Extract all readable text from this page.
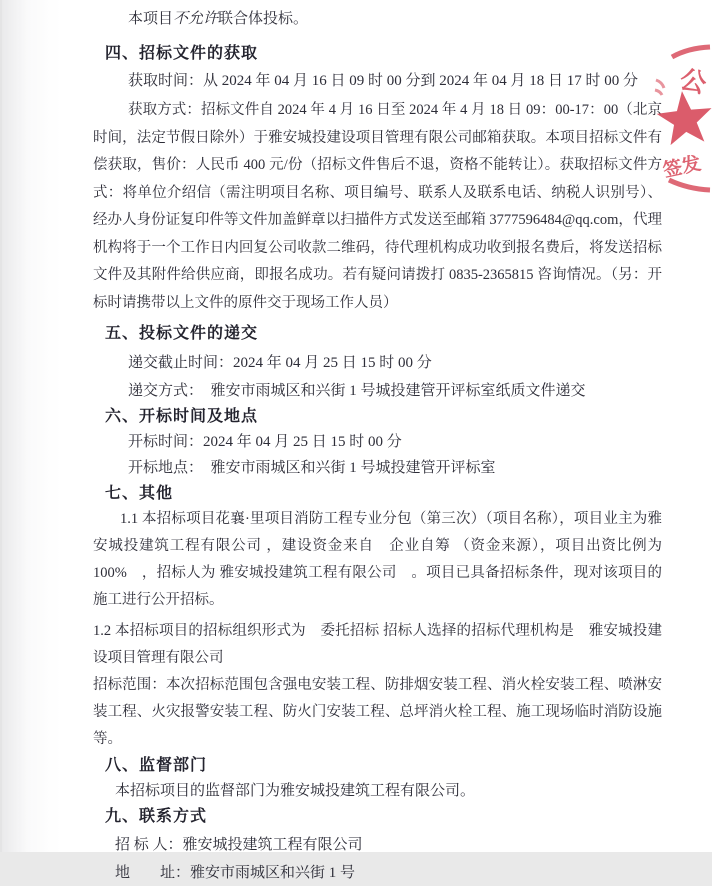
本项目不允许联合体投标。

四、招标文件的获取

获取时间：从 2024 年 04 月 16 日 09 时 00 分到 2024 年 04 月 18 日 17 时 00 分

获取方式：招标文件自 2024 年 4 月 16 日至 2024 年 4 月 18 日 09：00-17：00（北京时间，法定节假日除外）于雅安城投建设项目管理有限公司邮箱获取。本项目招标文件有偿获取，售价：人民币 400 元/份（招标文件售后不退，资格不能转让）。获取招标文件方式：将单位介绍信（需注明项目名称、项目编号、联系人及联系电话、纳税人识别号）、经办人身份证复印件等文件加盖鲜章以扫描件方式发送至邮箱 3777596484@qq.com，代理机构将于一个工作日内回复公司收款二维码，待代理机构成功收到报名费后，将发送招标文件及其附件给供应商，即报名成功。若有疑问请拨打 0835-2365815 咨询情况。（另：开标时请携带以上文件的原件交于现场工作人员）

五、投标文件的递交

递交截止时间：2024 年 04 月 25 日 15 时 00 分

递交方式：　雅安市雨城区和兴街 1 号城投建管开评标室纸质文件递交

六、开标时间及地点

开标时间：2024 年 04 月 25 日 15 时 00 分

开标地点：　雅安市雨城区和兴街 1 号城投建管开评标室

七、其他

1.1 本招标项目花襄·里项目消防工程专业分包（第三次）（项目名称），项目业主为雅安城投建筑工程有限公司 ，建设资金来自　企业自筹 （资金来源），项目出资比例为 100%　，招标人为 雅安城投建筑工程有限公司　。项目已具备招标条件，现对该项目的施工进行公开招标。

1.2 本招标项目的招标组织形式为　委托招标 招标人选择的招标代理机构是　雅安城投建设项目管理有限公司

招标范围：本次招标范围包含强电安装工程、防排烟安装工程、消火栓安装工程、喷淋安装工程、火灾报警安装工程、防火门安装工程、总坪消火栓工程、施工现场临时消防设施等。

八、监督部门

本招标项目的监督部门为雅安城投建筑工程有限公司。

九、联系方式

招 标 人：雅安城投建筑工程有限公司

地　　址：雅安市雨城区和兴街 1 号

公
签发
